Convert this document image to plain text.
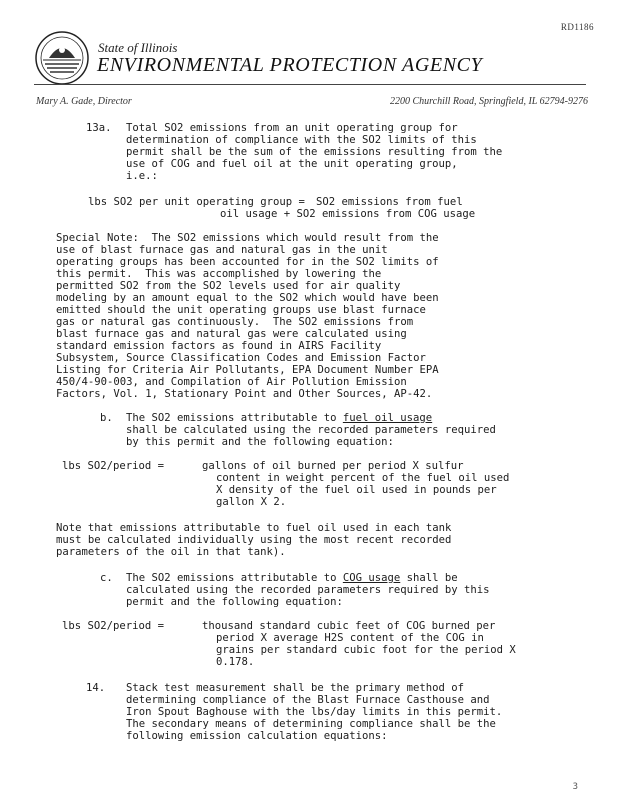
RD1186
State of Illinois
ENVIRONMENTAL PROTECTION AGENCY
Mary A. Gade, Director	2200 Churchill Road, Springfield, IL 62794-9276
13a. Total SO2 emissions from an unit operating group for
determination of compliance with the SO2 limits of this
permit shall be the sum of the emissions resulting from the
use of COG and fuel oil at the unit operating group,
i.e.:
lbs SO2 per unit operating group = SO2 emissions from fuel
oil usage + SO2 emissions from COG usage
Special Note:  The SO2 emissions which would result from the
use of blast furnace gas and natural gas in the unit
operating groups has been accounted for in the SO2 limits of
this permit.  This was accomplished by lowering the
permitted SO2 from the SO2 levels used for air quality
modeling by an amount equal to the SO2 which would have been
emitted should the unit operating groups use blast furnace
gas or natural gas continuously.  The SO2 emissions from
blast furnace gas and natural gas were calculated using
standard emission factors as found in AIRS Facility
Subsystem, Source Classification Codes and Emission Factor
Listing for Criteria Air Pollutants, EPA Document Number EPA
450/4-90-003, and Compilation of Air Pollution Emission
Factors, Vol. 1, Stationary Point and Other Sources, AP-42.
b. The SO2 emissions attributable to fuel oil usage
shall be calculated using the recorded parameters required
by this permit and the following equation:
lbs SO2/period =	gallons of oil burned per period X sulfur
content in weight percent of the fuel oil used
X density of the fuel oil used in pounds per
gallon X 2.
Note that emissions attributable to fuel oil used in each tank
must be calculated individually using the most recent recorded
parameters of the oil in that tank).
c. The SO2 emissions attributable to COG usage shall be
calculated using the recorded parameters required by this
permit and the following equation:
lbs SO2/period =	thousand standard cubic feet of COG burned per
period X average H2S content of the COG in
grains per standard cubic foot for the period X
0.178.
14. Stack test measurement shall be the primary method of
determining compliance of the Blast Furnace Casthouse and
Iron Spout Baghouse with the lbs/day limits in this permit.
The secondary means of determining compliance shall be the
following emission calculation equations:
3
